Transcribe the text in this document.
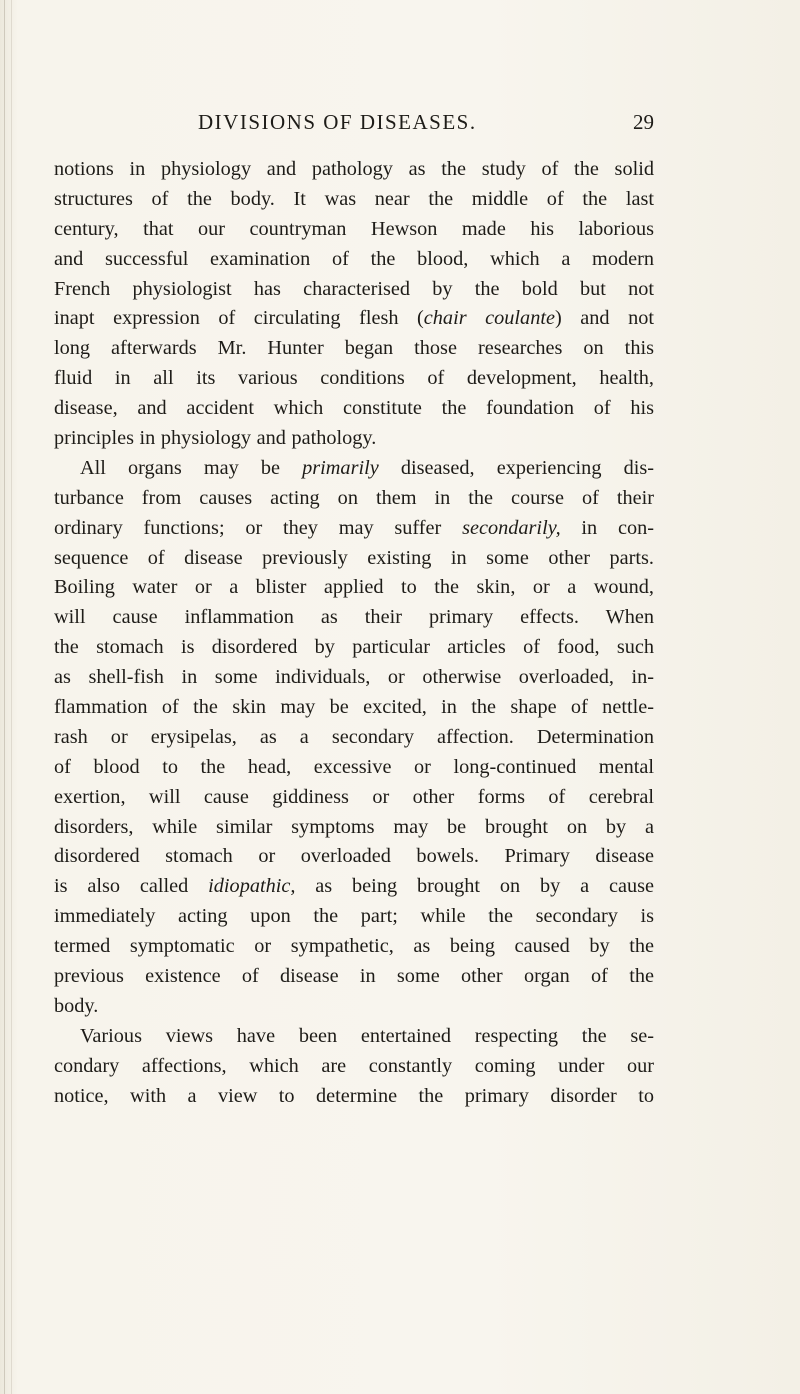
DIVISIONS OF DISEASES.	29
notions in physiology and pathology as the study of the solid
structures of the body. It was near the middle of the last
century, that our countryman Hewson made his laborious
and successful examination of the blood, which a modern
French physiologist has characterised by the bold but not
inapt expression of circulating flesh (chair coulante) and not
long afterwards Mr. Hunter began those researches on this
fluid in all its various conditions of development, health,
disease, and accident which constitute the foundation of his
principles in physiology and pathology.
All organs may be primarily diseased, experiencing dis-
turbance from causes acting on them in the course of their
ordinary functions; or they may suffer secondarily, in con-
sequence of disease previously existing in some other parts.
Boiling water or a blister applied to the skin, or a wound,
will cause inflammation as their primary effects. When
the stomach is disordered by particular articles of food, such
as shell-fish in some individuals, or otherwise overloaded, in-
flammation of the skin may be excited, in the shape of nettle-
rash or erysipelas, as a secondary affection. Determination
of blood to the head, excessive or long-continued mental
exertion, will cause giddiness or other forms of cerebral
disorders, while similar symptoms may be brought on by a
disordered stomach or overloaded bowels. Primary disease
is also called idiopathic, as being brought on by a cause
immediately acting upon the part; while the secondary is
termed symptomatic or sympathetic, as being caused by the
previous existence of disease in some other organ of the
body.
Various views have been entertained respecting the se-
condary affections, which are constantly coming under our
notice, with a view to determine the primary disorder to
